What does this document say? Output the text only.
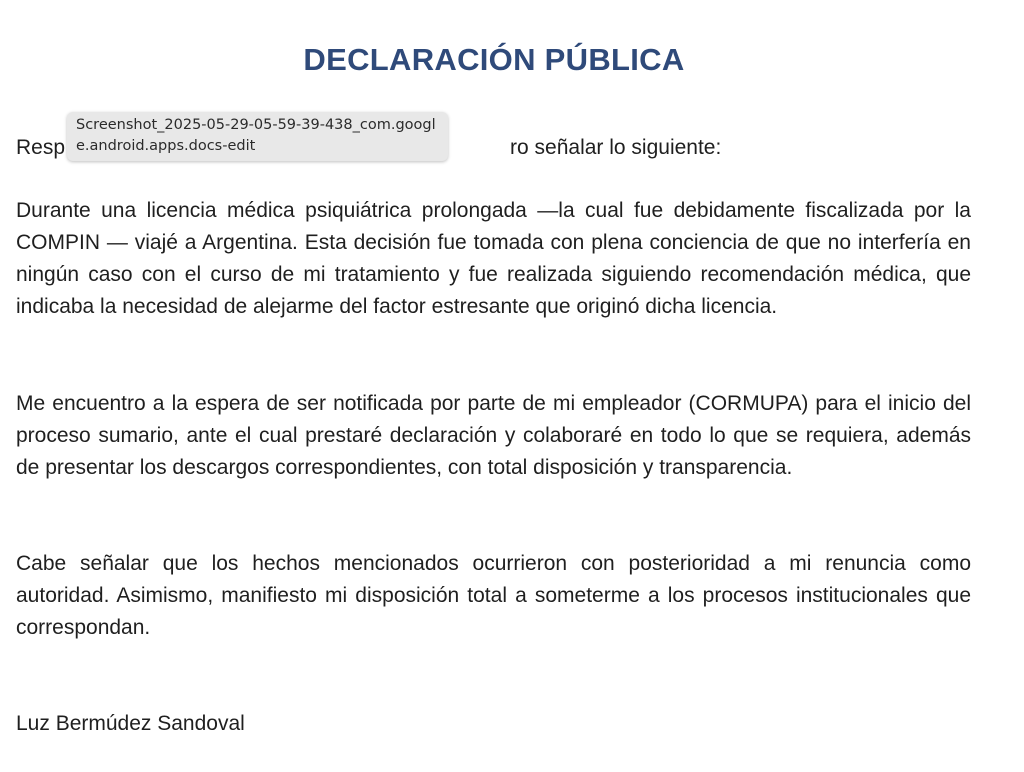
DECLARACIÓN PÚBLICA
Resp	ro señalar lo siguiente:

Durante una licencia médica psiquiátrica prolongada —la cual fue debidamente fiscalizada por la COMPIN — viajé a Argentina. Esta decisión fue tomada con plena conciencia de que no interfería en ningún caso con el curso de mi tratamiento y fue realizada siguiendo recomendación médica, que indicaba la necesidad de alejarme del factor estresante que originó dicha licencia.

Me encuentro a la espera de ser notificada por parte de mi empleador (CORMUPA) para el inicio del proceso sumario, ante el cual prestaré declaración y colaboraré en todo lo que se requiera, además de presentar los descargos correspondientes, con total disposición y transparencia.

Cabe señalar que los hechos mencionados ocurrieron con posterioridad a mi renuncia como autoridad. Asimismo, manifiesto mi disposición total a someterme a los procesos institucionales que correspondan.

Luz Bermúdez Sandoval
Screenshot_2025-05-29-05-59-39-438_com.google.android.apps.docs-edit
